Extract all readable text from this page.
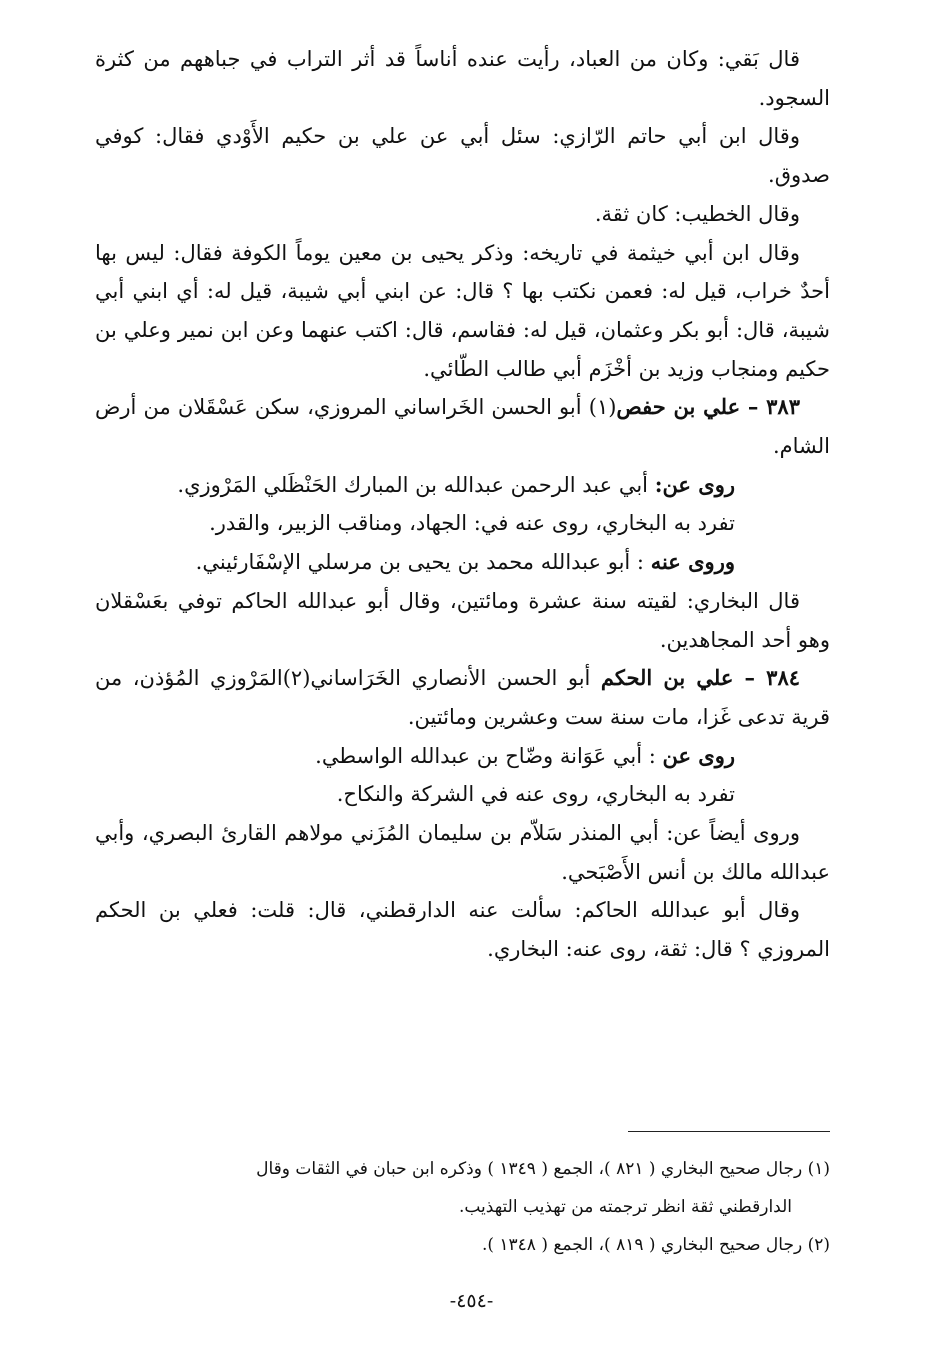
قال بَقي: وكان من العباد، رأيت عنده أناساً قد أثر التراب في جباههم من كثرة السجود.

وقال ابن أبي حاتم الرّازي: سئل أبي عن علي بن حكيم الأَوْدي فقال: كوفي صدوق.

وقال الخطيب: كان ثقة.

وقال ابن أبي خيثمة في تاريخه: وذكر يحيى بن معين يوماً الكوفة فقال: ليس بها أحدٌ خراب، قيل له: فعمن نكتب بها ؟ قال: عن ابني أبي شيبة، قيل له: أي ابني أبي شيبة، قال: أبو بكر وعثمان، قيل له: فقاسم، قال: اكتب عنهما وعن ابن نمير وعلي بن حكيم ومنجاب وزيد بن أخْزَم أبي طالب الطّائي.

٣٨٣ – علي بن حفص(١) أبو الحسن الخَراساني المروزي، سكن عَسْقَلان من أرض الشام.

روى عن: أبي عبد الرحمن عبدالله بن المبارك الحَنْظَلي المَرْوزي.

تفرد به البخاري، روى عنه في: الجهاد، ومناقب الزبير، والقدر.

وروى عنه : أبو عبدالله محمد بن يحيى بن مرسلي الإسْفَارئيني.

قال البخاري: لقيته سنة عشرة ومائتين، وقال أبو عبدالله الحاكم توفي بعَسْقلان وهو أحد المجاهدين.

٣٨٤ – علي بن الحكم أبو الحسن الأنصاري الخَرَاساني(٢)المَرْوزي المُؤذن، من قرية تدعى غَزا، مات سنة ست وعشرين ومائتين.

روى عن : أبي عَوَانة وضّاح بن عبدالله الواسطي.

تفرد به البخاري، روى عنه في الشركة والنكاح.

وروى أيضاً عن: أبي المنذر سَلاّم بن سليمان المُزَني مولاهم القارئ البصري، وأبي عبدالله مالك بن أنس الأَصْبَحي.

وقال أبو عبدالله الحاكم: سألت عنه الدارقطني، قال: قلت: فعلي بن الحكم المروزي ؟ قال: ثقة، روى عنه: البخاري.

(١) رجال صحيح البخاري ( ٨٢١ )، الجمع ( ١٣٤٩ ) وذكره ابن حبان في الثقات وقال

الدارقطني ثقة انظر ترجمته من تهذيب التهذيب.

(٢) رجال صحيح البخاري ( ٨١٩ )، الجمع ( ١٣٤٨ ).

-٤٥٤-
